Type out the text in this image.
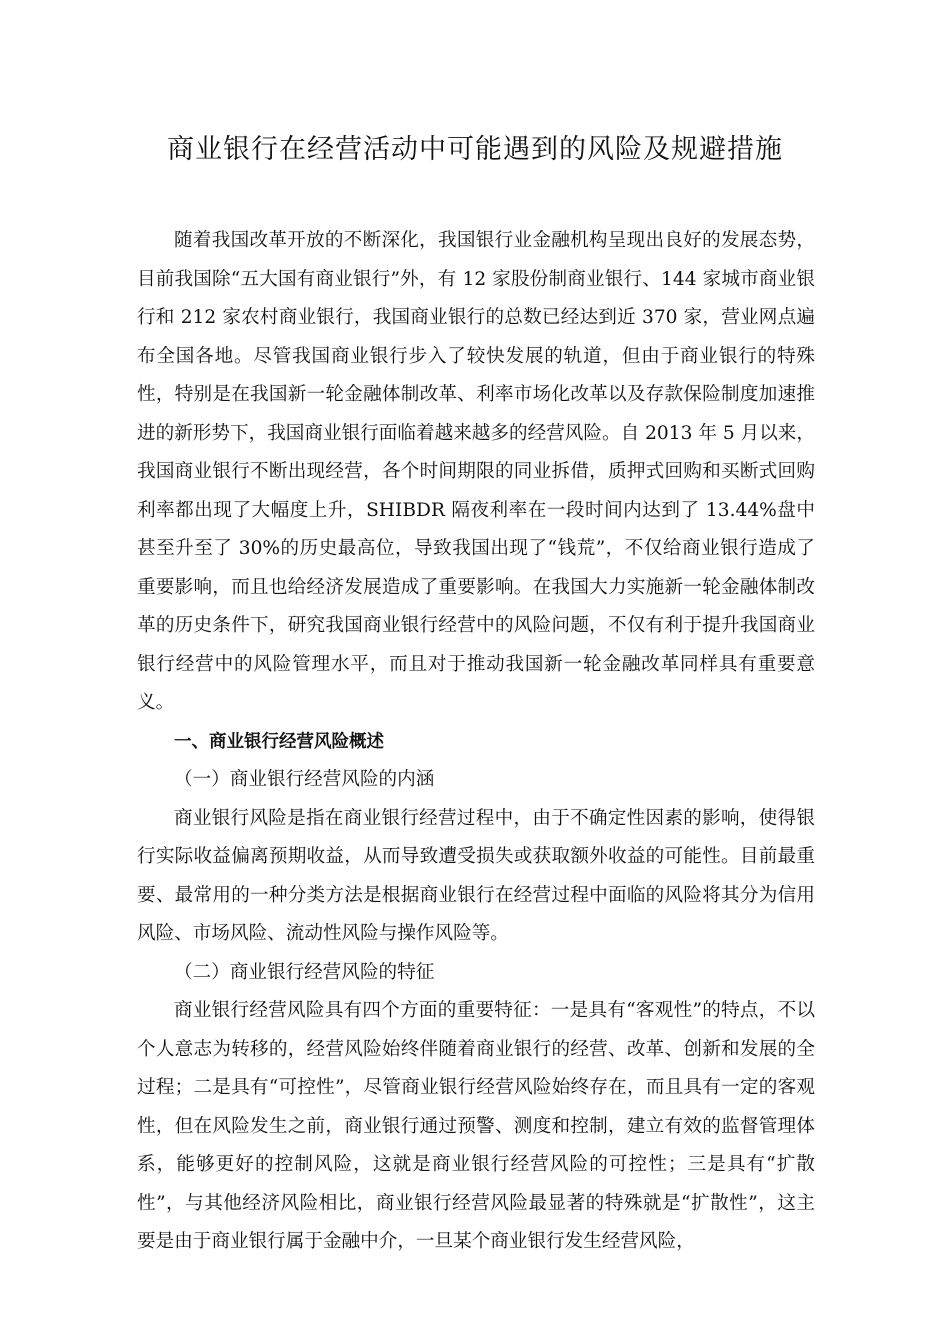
商业银行在经营活动中可能遇到的风险及规避措施

随着我国改革开放的不断深化，我国银行业金融机构呈现出良好的发展态势，目前我国除“五大国有商业银行”外，有 12 家股份制商业银行、144 家城市商业银行和 212 家农村商业银行，我国商业银行的总数已经达到近 370 家，营业网点遍布全国各地。尽管我国商业银行步入了较快发展的轨道，但由于商业银行的特殊性，特别是在我国新一轮金融体制改革、利率市场化改革以及存款保险制度加速推进的新形势下，我国商业银行面临着越来越多的经营风险。自 2013 年 5 月以来，我国商业银行不断出现经营，各个时间期限的同业拆借，质押式回购和买断式回购利率都出现了大幅度上升，SHIBDR 隔夜利率在一段时间内达到了 13.44%盘中甚至升至了 30%的历史最高位，导致我国出现了“钱荒”，不仅给商业银行造成了重要影响，而且也给经济发展造成了重要影响。在我国大力实施新一轮金融体制改革的历史条件下，研究我国商业银行经营中的风险问题，不仅有利于提升我国商业银行经营中的风险管理水平，而且对于推动我国新一轮金融改革同样具有重要意义。

一、商业银行经营风险概述

（一）商业银行经营风险的内涵

商业银行风险是指在商业银行经营过程中，由于不确定性因素的影响，使得银行实际收益偏离预期收益，从而导致遭受损失或获取额外收益的可能性。目前最重要、最常用的一种分类方法是根据商业银行在经营过程中面临的风险将其分为信用风险、市场风险、流动性风险与操作风险等。

（二）商业银行经营风险的特征

商业银行经营风险具有四个方面的重要特征：一是具有“客观性”的特点，不以个人意志为转移的，经营风险始终伴随着商业银行的经营、改革、创新和发展的全过程；二是具有“可控性”，尽管商业银行经营风险始终存在，而且具有一定的客观性，但在风险发生之前，商业银行通过预警、测度和控制，建立有效的监督管理体系，能够更好的控制风险，这就是商业银行经营风险的可控性；三是具有“扩散性”，与其他经济风险相比，商业银行经营风险最显著的特殊就是“扩散性”，这主要是由于商业银行属于金融中介，一旦某个商业银行发生经营风险，
